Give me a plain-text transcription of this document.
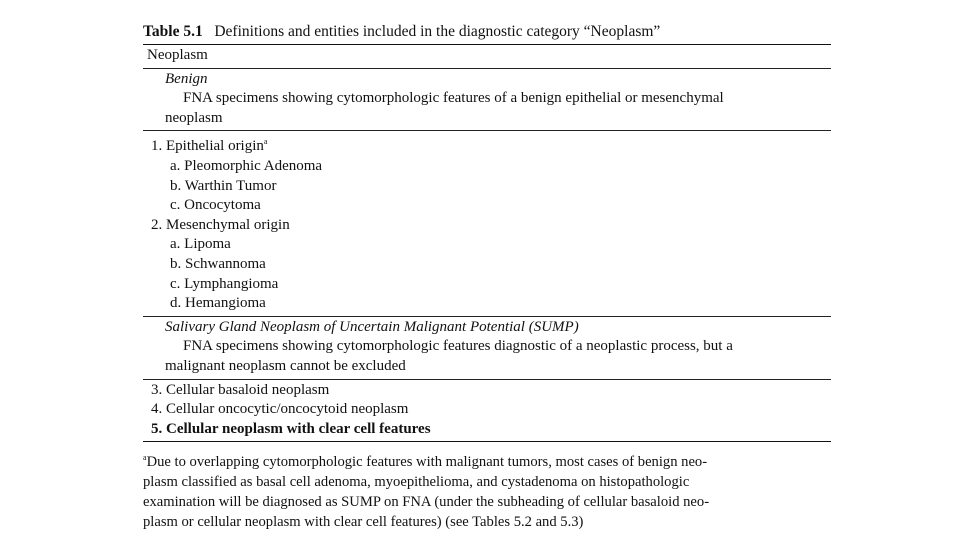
Table 5.1 Definitions and entities included in the diagnostic category “Neoplasm”
Neoplasm
Benign
FNA specimens showing cytomorphologic features of a benign epithelial or mesenchymal
neoplasm
1. Epithelial origin$^a$
a. Pleomorphic Adenoma
b. Warthin Tumor
c. Oncocytoma
2. Mesenchymal origin
a. Lipoma
b. Schwannoma
c. Lymphangioma
d. Hemangioma
Salivary Gland Neoplasm of Uncertain Malignant Potential (SUMP)
FNA specimens showing cytomorphologic features diagnostic of a neoplastic process, but a
malignant neoplasm cannot be excluded
3. Cellular basaloid neoplasm
4. Cellular oncocytic/oncocytoid neoplasm
5. Cellular neoplasm with clear cell features
$^a$Due to overlapping cytomorphologic features with malignant tumors, most cases of benign neo-
plasm classified as basal cell adenoma, myoepithelioma, and cystadenoma on histopathologic
examination will be diagnosed as SUMP on FNA (under the subheading of cellular basaloid neo-
plasm or cellular neoplasm with clear cell features) (see Tables 5.2 and 5.3)
